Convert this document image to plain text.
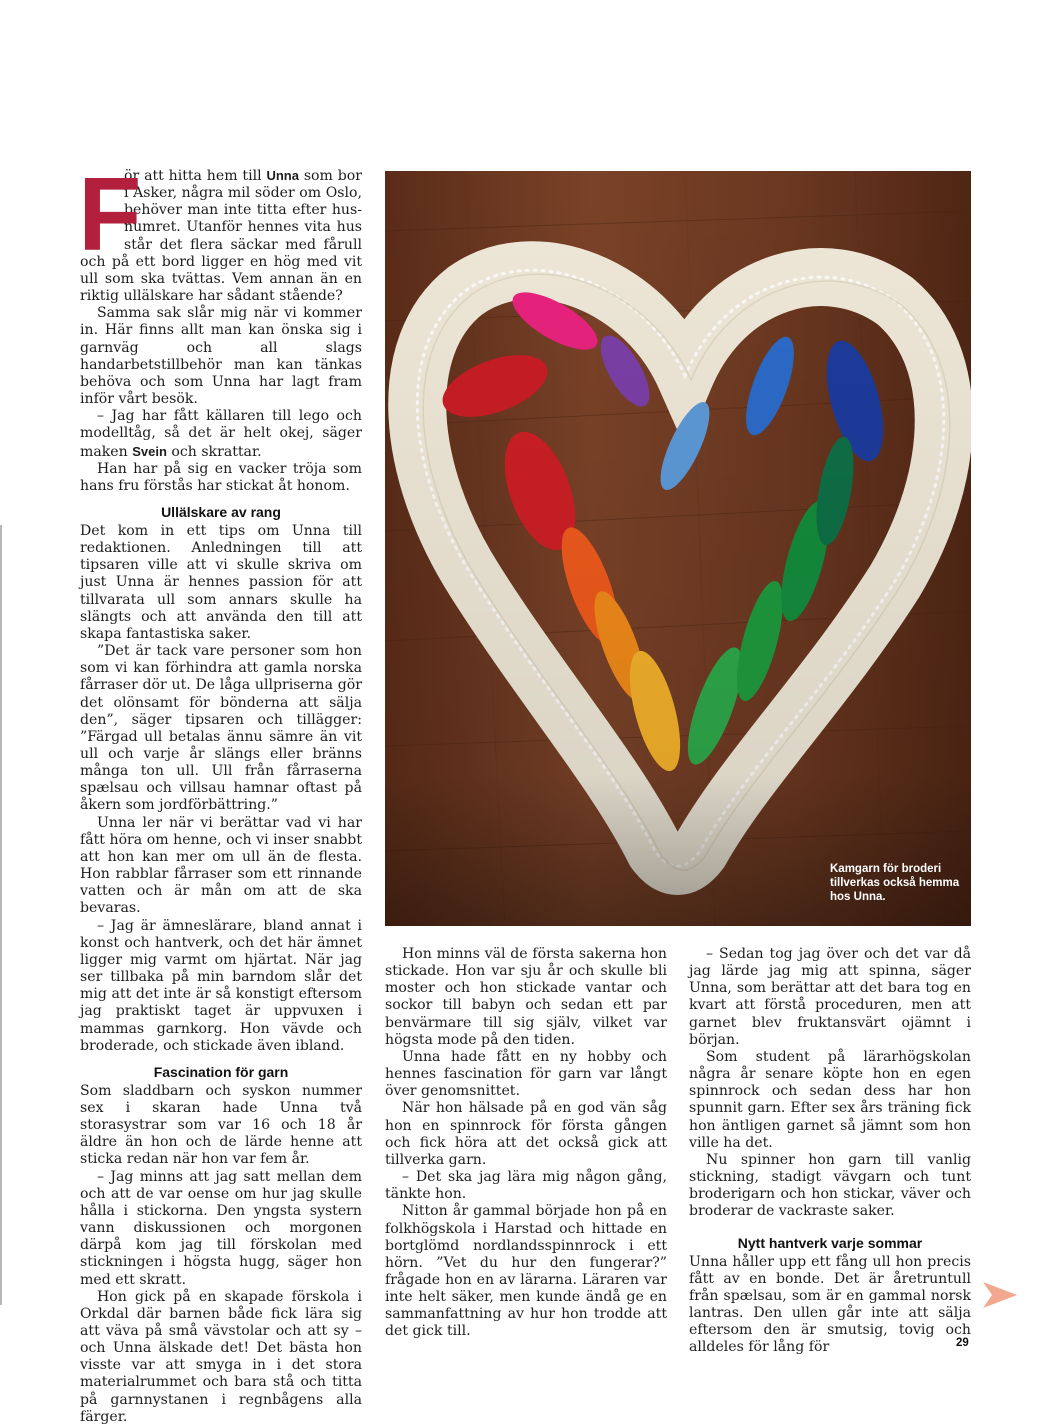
F
ör att hitta hem till Unna som bor i Asker, några mil söder om Oslo, behöver man inte titta efter husnumret. Utanför hennes vita hus står det flera säckar med fårull och på ett bord ligger en hög med vit ull som ska tvättas. Vem annan än en riktig ullälskare har sådant stående?

Samma sak slår mig när vi kommer in. Här finns allt man kan önska sig i garnväg och all slags handarbetstillbehör man kan tänkas behöva och som Unna har lagt fram inför vårt besök.

– Jag har fått källaren till lego och modelltåg, så det är helt okej, säger maken Svein och skrattar.

Han har på sig en vacker tröja som hans fru förstås har stickat åt honom.

Ullälskare av rang

Det kom in ett tips om Unna till redaktionen. Anledningen till att tipsaren ville att vi skulle skriva om just Unna är hennes passion för att tillvarata ull som annars skulle ha slängts och att använda den till att skapa fantastiska saker.

”Det är tack vare personer som hon som vi kan förhindra att gamla norska fårraser dör ut. De låga ullpriserna gör det olönsamt för bönderna att sälja den”, säger tipsaren och tillägger: ”Färgad ull betalas ännu sämre än vit ull och varje år slängs eller bränns många ton ull. Ull från fårraserna spælsau och villsau hamnar oftast på åkern som jordförbättring.”

Unna ler när vi berättar vad vi har fått höra om henne, och vi inser snabbt att hon kan mer om ull än de flesta. Hon rabblar fårraser som ett rinnande vatten och är mån om att de ska bevaras.

– Jag är ämneslärare, bland annat i konst och hantverk, och det här ämnet ligger mig varmt om hjärtat. När jag ser tillbaka på min barndom slår det mig att det inte är så konstigt eftersom jag praktiskt taget är uppvuxen i mammas garnkorg. Hon vävde och broderade, och stickade även ibland.

Fascination för garn

Som sladdbarn och syskon nummer sex i skaran hade Unna två storasystrar som var 16 och 18 år äldre än hon och de lärde henne att sticka redan när hon var fem år.

– Jag minns att jag satt mellan dem och att de var oense om hur jag skulle hålla i stickorna. Den yngsta systern vann diskussionen och morgonen därpå kom jag till förskolan med stickningen i högsta hugg, säger hon med ett skratt.

Hon gick på en skapade förskola i Orkdal där barnen både fick lära sig att väva på små vävstolar och att sy – och Unna älskade det! Det bästa hon visste var att smyga in i det stora materialrummet och bara stå och titta på garnnystanen i regnbågens alla färger.

Kamgarn för broderi tillverkas också hemma hos Unna.

Hon minns väl de första sakerna hon stickade. Hon var sju år och skulle bli moster och hon stickade vantar och sockor till babyn och sedan ett par benvärmare till sig själv, vilket var högsta mode på den tiden.

Unna hade fått en ny hobby och hennes fascination för garn var långt över genomsnittet.

När hon hälsade på en god vän såg hon en spinnrock för första gången och fick höra att det också gick att tillverka garn.

– Det ska jag lära mig någon gång, tänkte hon.

Nitton år gammal började hon på en folkhögskola i Harstad och hittade en bortglömd nordlandsspinnrock i ett hörn. ”Vet du hur den fungerar?” frågade hon en av lärarna. Läraren var inte helt säker, men kunde ändå ge en sammanfattning av hur hon trodde att det gick till.

– Sedan tog jag över och det var då jag lärde jag mig att spinna, säger Unna, som berättar att det bara tog en kvart att förstå proceduren, men att garnet blev fruktansvärt ojämnt i början.

Som student på lärarhögskolan några år senare köpte hon en egen spinnrock och sedan dess har hon spunnit garn. Efter sex års träning fick hon äntligen garnet så jämnt som hon ville ha det.

Nu spinner hon garn till vanlig stickning, stadigt vävgarn och tunt broderigarn och hon stickar, väver och broderar de vackraste saker.

Nytt hantverk varje sommar

Unna håller upp ett fång ull hon precis fått av en bonde. Det är åretruntull från spælsau, som är en gammal norsk lantras. Den ullen går inte att sälja eftersom den är smutsig, tovig och alldeles för lång för	29
